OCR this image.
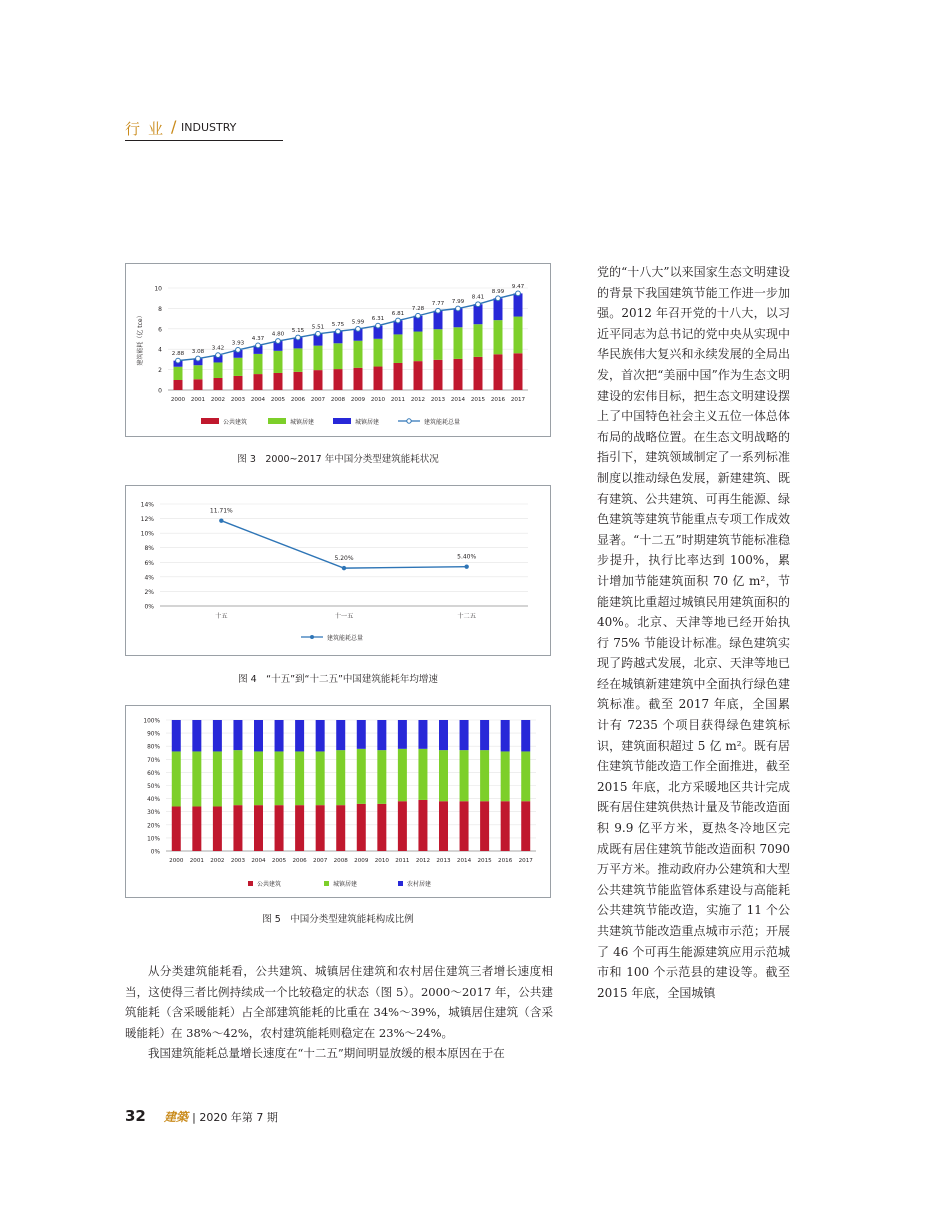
行业 / INDUSTRY
0
2
4
6
8
10
建筑能耗（亿 tce）
2000 2001 2002 2003 2004 2005 2006 2007 2008 2009 2010 2011 2012 2013 2014 2015 2016 2017
2.88 3.08
3.42
3.93
4.37
4.80
5.15
5.51 5.75 5.99
6.31
6.81
7.28
7.77 7.99
8.41
8.99
9.47
公共建筑	城镇居建	城镇居建	建筑能耗总量
图 3　2000~2017 年中国分类型建筑能耗状况
0%
2%
4%
6%
8%
10%
12%
14%
11.71%
十五
5.20%
十一五
5.40%
十二五
建筑能耗总量
图 4　“十五”到“十二五”中国建筑能耗年均增速
0%
10%
20%
30%
40%
50%
60%
70%
80%
90%
100%
2000 2001 2002 2003 2004 2005 2006 2007 2008 2009 2010 2011 2012 2013 2014 2015 2016 2017
公共建筑	城镇居建	农村居建
图 5　中国分类型建筑能耗构成比例

党的“十八大”以来国家生态文明建设的背景下我国建筑节能工作进一步加强。2012 年召开党的十八大，以习近平同志为总书记的党中央从实现中华民族伟大复兴和永续发展的全局出发，首次把“美丽中国”作为生态文明建设的宏伟目标，把生态文明建设摆上了中国特色社会主义五位一体总体布局的战略位置。在生态文明战略的指引下，建筑领域制定了一系列标准制度以推动绿色发展，新建建筑、既有建筑、公共建筑、可再生能源、绿色建筑等建筑节能重点专项工作成效显著。“十二五”时期建筑节能标准稳步提升，执行比率达到 100%，累计增加节能建筑面积 70 亿 m²，节能建筑比重超过城镇民用建筑面积的 40%。北京、天津等地已经开始执行 75% 节能设计标准。绿色建筑实现了跨越式发展，北京、天津等地已经在城镇新建建筑中全面执行绿色建筑标准。截至 2017 年底，全国累计有 7235 个项目获得绿色建筑标识，建筑面积超过 5 亿 m²。既有居住建筑节能改造工作全面推进，截至 2015 年底，北方采暖地区共计完成既有居住建筑供热计量及节能改造面积 9.9 亿平方米，夏热冬冷地区完成既有居住建筑节能改造面积 7090 万平方米。推动政府办公建筑和大型公共建筑节能监管体系建设与高能耗公共建筑节能改造，实施了 11 个公共建筑节能改造重点城市示范；开展了 46 个可再生能源建筑应用示范城市和 100 个示范县的建设等。截至 2015 年底，全国城镇

从分类建筑能耗看，公共建筑、城镇居住建筑和农村居住建筑三者增长速度相当，这使得三者比例持续成一个比较稳定的状态（图 5）。2000～2017 年，公共建筑能耗（含采暖能耗）占全部建筑能耗的比重在 34%～39%，城镇居住建筑（含采暖能耗）在 38%～42%，农村建筑能耗则稳定在 23%～24%。

我国建筑能耗总量增长速度在“十二五”期间明显放缓的根本原因在于在

32 建築 | 2020 年第 7 期
